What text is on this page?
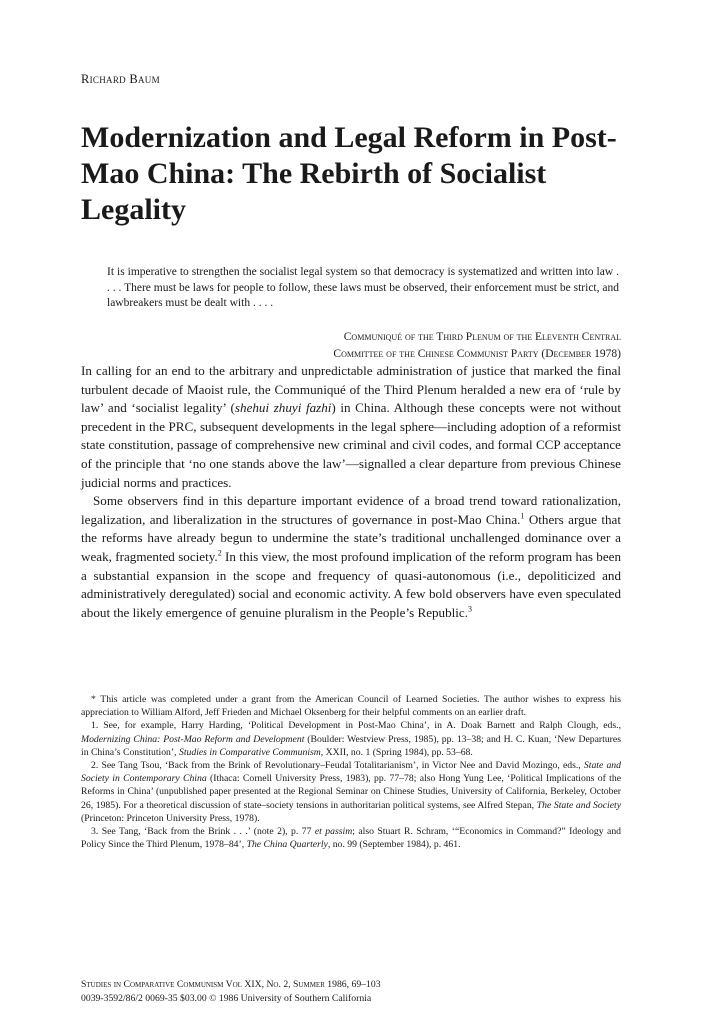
Richard Baum
Modernization and Legal Reform in Post-Mao China: The Rebirth of Socialist Legality

It is imperative to strengthen the socialist legal system so that democracy is systematized and written into law . . . . There must be laws for people to follow, these laws must be observed, their enforcement must be strict, and lawbreakers must be dealt with . . . .

Communiqué of the Third Plenum of the Eleventh Central
Committee of the Chinese Communist Party (December 1978)

In calling for an end to the arbitrary and unpredictable administration of justice that marked the final turbulent decade of Maoist rule, the Communiqué of the Third Plenum heralded a new era of ‘rule by law’ and ‘socialist legality’ (shehui zhuyi fazhi) in China. Although these concepts were not without precedent in the PRC, subsequent developments in the legal sphere—including adoption of a reformist state constitution, passage of comprehensive new criminal and civil codes, and formal CCP acceptance of the principle that ‘no one stands above the law’—signalled a clear departure from previous Chinese judicial norms and practices.

Some observers find in this departure important evidence of a broad trend toward rationalization, legalization, and liberalization in the structures of governance in post-Mao China.$^1$ Others argue that the reforms have already begun to undermine the state’s traditional unchallenged dominance over a weak, fragmented society.$^2$ In this view, the most profound implication of the reform program has been a substantial expansion in the scope and frequency of quasi-autonomous (i.e., depoliticized and administratively deregulated) social and economic activity. A few bold observers have even speculated about the likely emergence of genuine pluralism in the People’s Republic.$^3$

* This article was completed under a grant from the American Council of Learned Societies. The author wishes to express his appreciation to William Alford, Jeff Frieden and Michael Oksenberg for their helpful comments on an earlier draft.

1. See, for example, Harry Harding, ‘Political Development in Post-Mao China’, in A. Doak Barnett and Ralph Clough, eds., Modernizing China: Post-Mao Reform and Development (Boulder: Westview Press, 1985), pp. 13–38; and H. C. Kuan, ‘New Departures in China’s Constitution’, Studies in Comparative Communism, XXII, no. 1 (Spring 1984), pp. 53–68.

2. See Tang Tsou, ‘Back from the Brink of Revolutionary–Feudal Totalitarianism’, in Victor Nee and David Mozingo, eds., State and Society in Contemporary China (Ithaca: Cornell University Press, 1983), pp. 77–78; also Hong Yung Lee, ‘Political Implications of the Reforms in China’ (unpublished paper presented at the Regional Seminar on Chinese Studies, University of California, Berkeley, October 26, 1985). For a theoretical discussion of state–society tensions in authoritarian political systems, see Alfred Stepan, The State and Society (Princeton: Princeton University Press, 1978).

3. See Tang, ‘Back from the Brink . . .’ (note 2), p. 77 et passim; also Stuart R. Schram, ‘“Economics in Command?” Ideology and Policy Since the Third Plenum, 1978–84’, The China Quarterly, no. 99 (September 1984), p. 461.

Studies in Comparative Communism Vol XIX, No. 2, Summer 1986, 69–103
0039-3592/86/2 0069-35 $03.00 © 1986 University of Southern California
